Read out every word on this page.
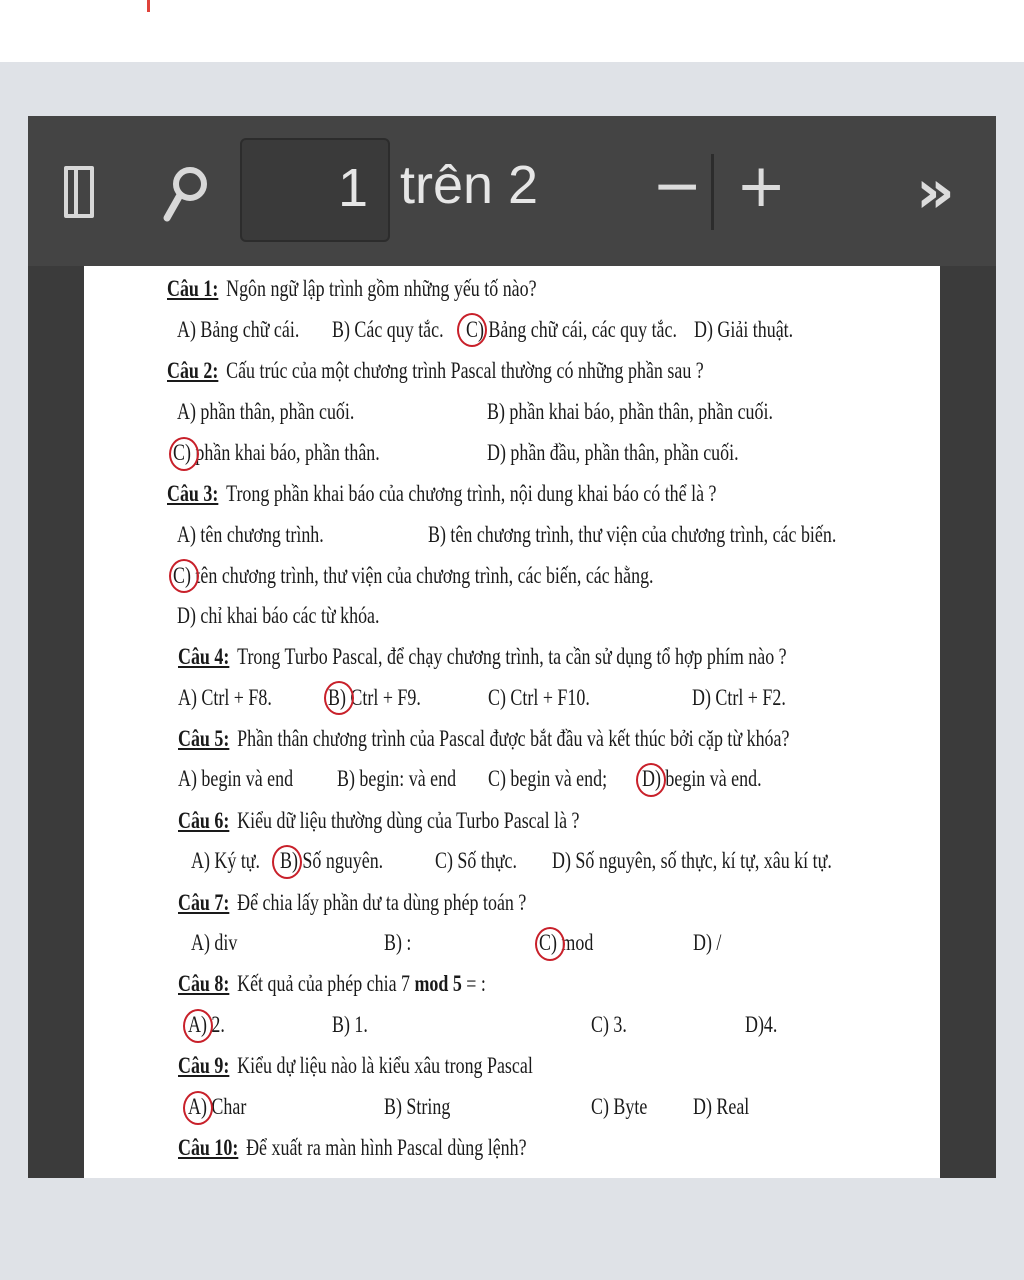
1
trên 2 − + »
Câu 1: Ngôn ngữ lập trình gồm những yếu tố nào?
A) Bảng chữ cái. B) Các quy tắc. C) Bảng chữ cái, các quy tắc. D) Giải thuật.
Câu 2: Cấu trúc của một chương trình Pascal thường có những phần sau ?
A) phần thân, phần cuối.	B) phần khai báo, phần thân, phần cuối.
C) phần khai báo, phần thân.	D) phần đầu, phần thân, phần cuối.
Câu 3: Trong phần khai báo của chương trình, nội dung khai báo có thể là ?
A) tên chương trình.	B) tên chương trình, thư viện của chương trình, các biến.
C) tên chương trình, thư viện của chương trình, các biến, các hằng.
D) chỉ khai báo các từ khóa.
Câu 4: Trong Turbo Pascal, để chạy chương trình, ta cần sử dụng tổ hợp phím nào ?
A) Ctrl + F8. B) Ctrl + F9.	C) Ctrl + F10.	D) Ctrl + F2.
Câu 5: Phần thân chương trình của Pascal được bắt đầu và kết thúc bởi cặp từ khóa?
A) begin và end B) begin: và end C) begin và end; D) begin và end.
Câu 6: Kiểu dữ liệu thường dùng của Turbo Pascal là ?
A) Ký tự. B) Số nguyên. C) Số thực. D) Số nguyên, số thực, kí tự, xâu kí tự.
Câu 7: Để chia lấy phần dư ta dùng phép toán ?
A) div	B) :	C) mod	D) /
Câu 8: Kết quả của phép chia 7 mod 5 = :
A) 2.	B) 1.	C) 3.	D)4.
Câu 9: Kiểu dự liệu nào là kiểu xâu trong Pascal
A) Char	B) String	C) Byte D) Real
Câu 10: Để xuất ra màn hình Pascal dùng lệnh?
